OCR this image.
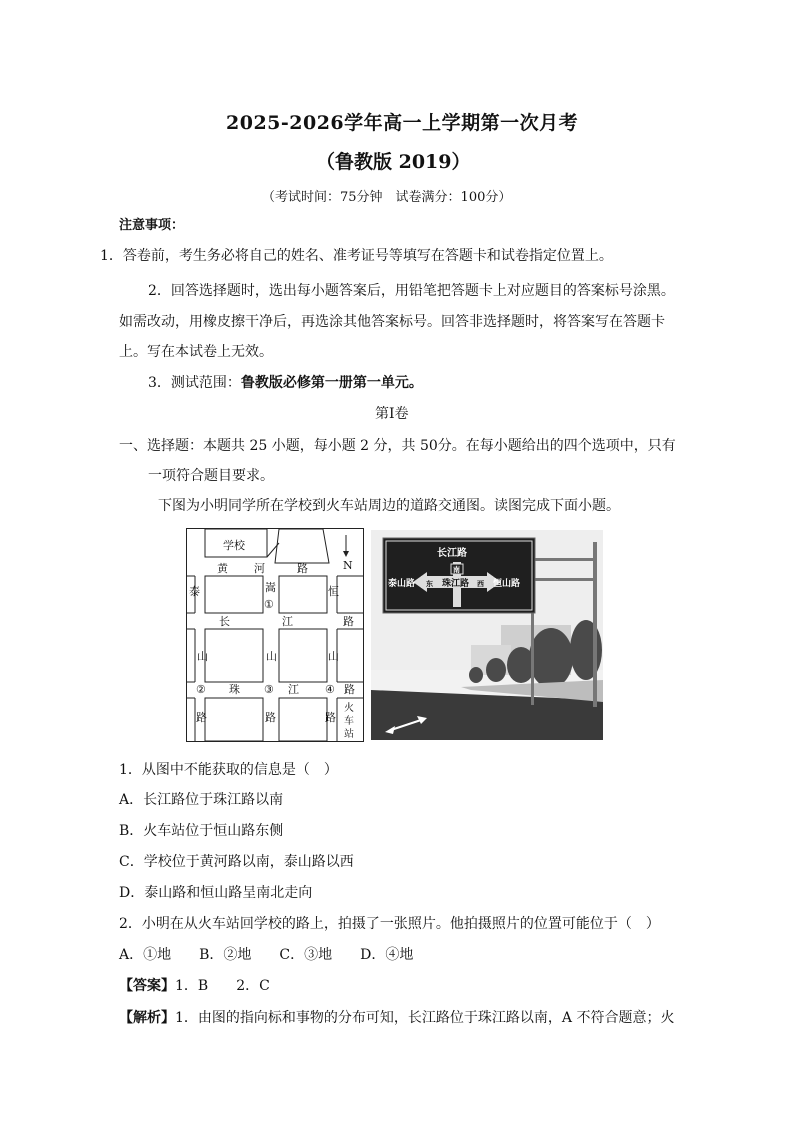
2025-2026学年高一上学期第一次月考
（鲁教版 2019）
（考试时间：75分钟　试卷满分：100分）
注意事项：
1．答卷前，考生务必将自己的姓名、准考证号等填写在答题卡和试卷指定位置上。
2．回答选择题时，选出每小题答案后，用铅笔把答题卡上对应题目的答案标号涂黑。
如需改动，用橡皮擦干净后，再选涂其他答案标号。回答非选择题时，将答案写在答题卡
上。写在本试卷上无效。
3．测试范围：鲁教版必修第一册第一单元。
第Ⅰ卷
一、选择题：本题共 25 小题，每小题 2 分，共 50分。在每小题给出的四个选项中，只有
一项符合题目要求。
下图为小明同学所在学校到火车站周边的道路交通图。读图完成下面小题。
学校
N
黄 河	路
泰	嵩
①
恒
长	江	路
山	山	山
② 珠 ③ 江 ④ 路
路	路	路
火
车
站
长江路
南
泰山路 东 珠江路 西 恒山路
1．从图中不能获取的信息是（　）
A．长江路位于珠江路以南
B．火车站位于恒山路东侧
C．学校位于黄河路以南，泰山路以西
D．泰山路和恒山路呈南北走向
2．小明在从火车站回学校的路上，拍摄了一张照片。他拍摄照片的位置可能位于（　）
A．①地　　B．②地　　C．③地　　D．④地
【答案】1．B　　2．C
【解析】1．由图的指向标和事物的分布可知，长江路位于珠江路以南，A 不符合题意；火
